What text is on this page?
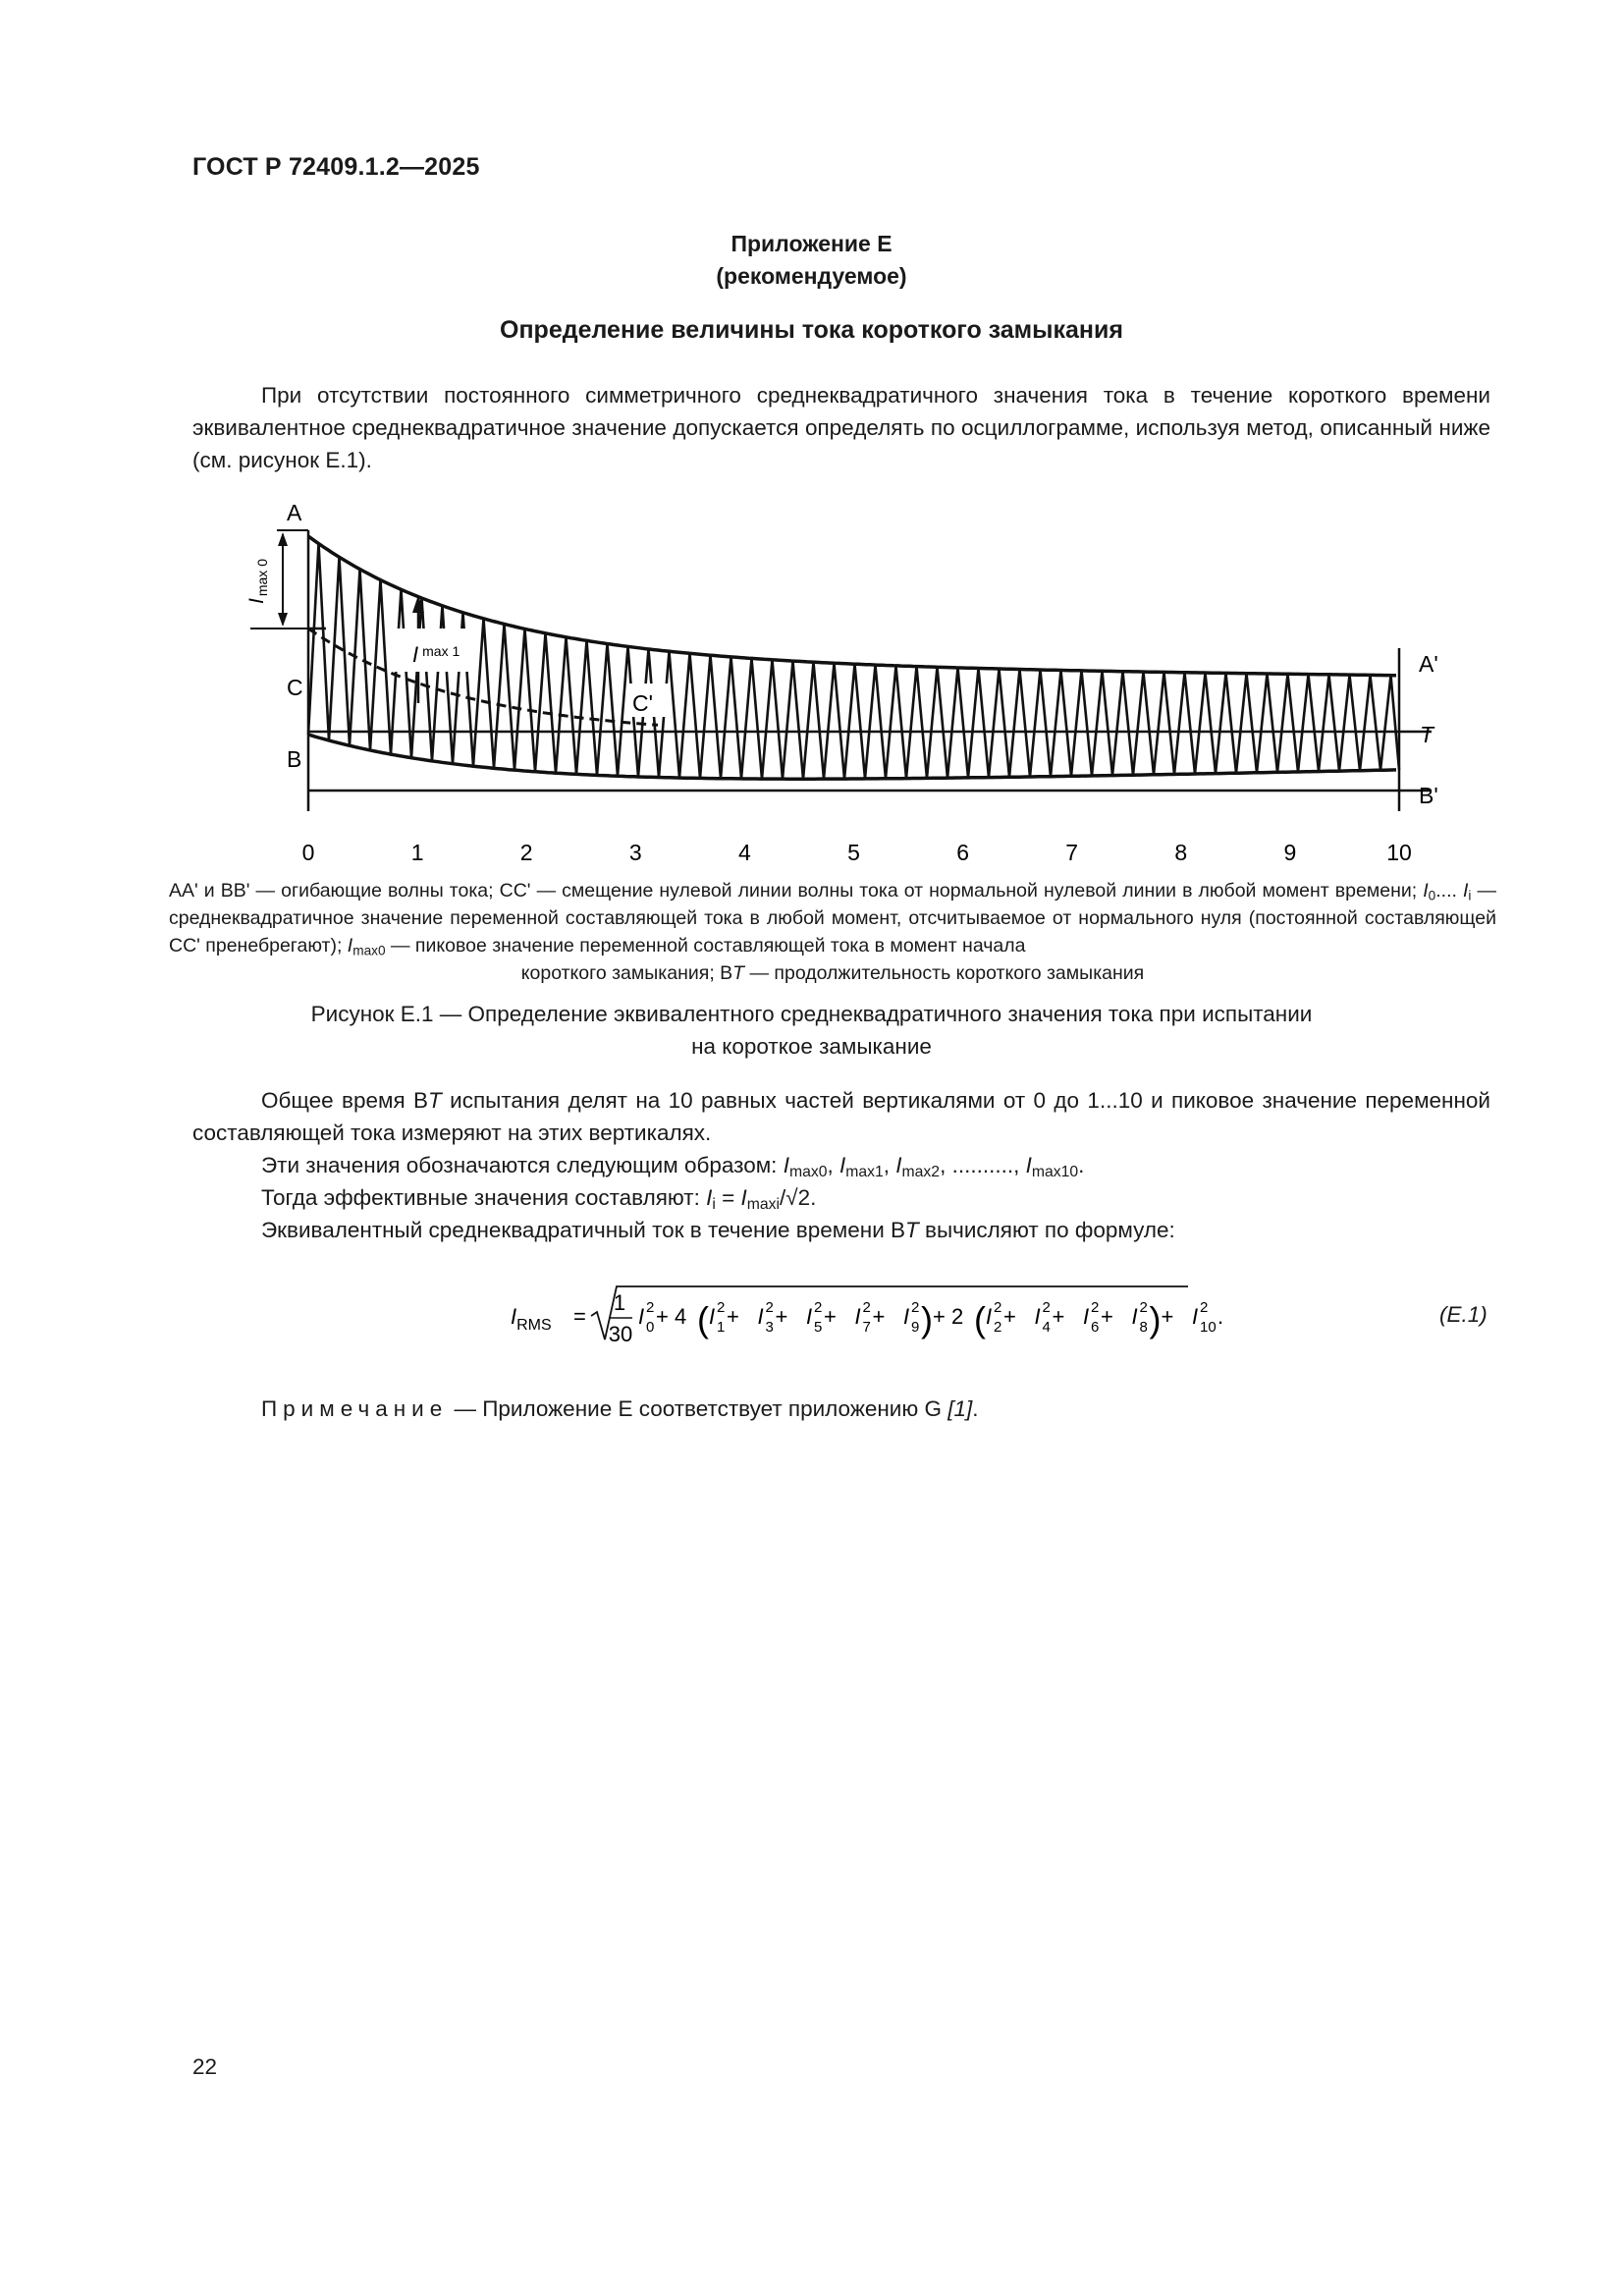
ГОСТ Р 72409.1.2—2025
Приложение Е
(рекомендуемое)
Определение величины тока короткого замыкания
При отсутствии постоянного симметричного среднеквадратичного значения тока в течение короткого времени эквивалентное среднеквадратичное значение допускается определять по осциллограмме, используя метод, описанный ниже (см. рисунок Е.1).
Imax 0
I $^{max 1}$
C'
A
C
B
A'
T
B'
0	1	2	3	4	5	6	7	8	9	10
AA' и BB' — огибающие волны тока; CC' — смещение нулевой линии волны тока от нормальной нулевой линии в любой момент времени; $I_0$.... $I_i$ — среднеквадратичное значение переменной составляющей тока в любой момент, отсчитываемое от нормального нуля (постоянной составляющей CC' пренебрегают); $I_{max0}$ — пиковое значение переменной составляющей тока в момент начала
короткого замыкания; BT — продолжительность короткого замыкания
Рисунок Е.1 — Определение эквивалентного среднеквадратичного значения тока при испытании
на короткое замыкание
Общее время BT испытания делят на 10 равных частей вертикалями от 0 до 1...10 и пиковое значение переменной составляющей тока измеряют на этих вертикалях.
Эти значения обозначаются следующим образом: $I_{max0}$, $I_{max1}$, $I_{max2}$, .........., $I_{max10}$.
Тогда эффективные значения составляют: $I_i = I_{maxi}/√2$.
Эквивалентный среднеквадратичный ток в течение времени BT вычисляют по формуле:
$I_{RMS}$ =
1
30
I 2
0 + 4 ( I 2
1 + I 2
3 + I 2
5 + I 2
7 + I 2
9 ) + 2 ( I 2
2 + I 2
4 + I 2
6 + I 2
8 ) + I 2
10 .	(E.1)
Примечание — Приложение Е соответствует приложению G [1].
22
